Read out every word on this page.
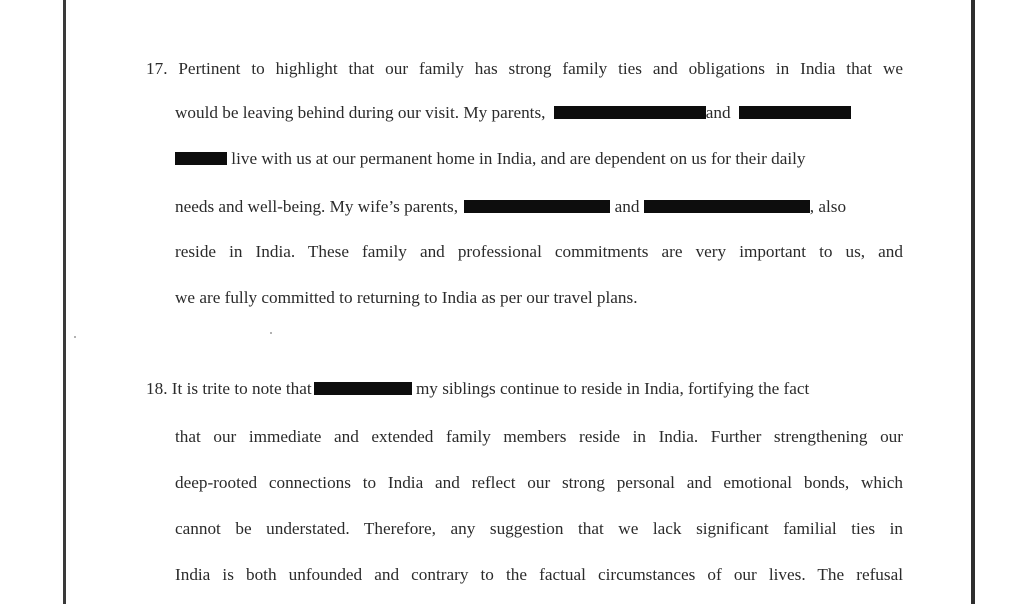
17. Pertinent to highlight that our family has strong family ties and obligations in India that we
would be leaving behind during our visit. My parents,	and
live with us at our permanent home in India, and are dependent on us for their daily
needs and well-being. My wife’s parents,	and	, also
reside in India. These family and professional commitments are very important to us, and
we are fully committed to returning to India as per our travel plans.
18. It is trite to note that	my siblings continue to reside in India, fortifying the fact
that our immediate and extended family members reside in India. Further strengthening our
deep-rooted connections to India and reflect our strong personal and emotional bonds, which
cannot be understated. Therefore, any suggestion that we lack significant familial ties in
India is both unfounded and contrary to the factual circumstances of our lives. The refusal
